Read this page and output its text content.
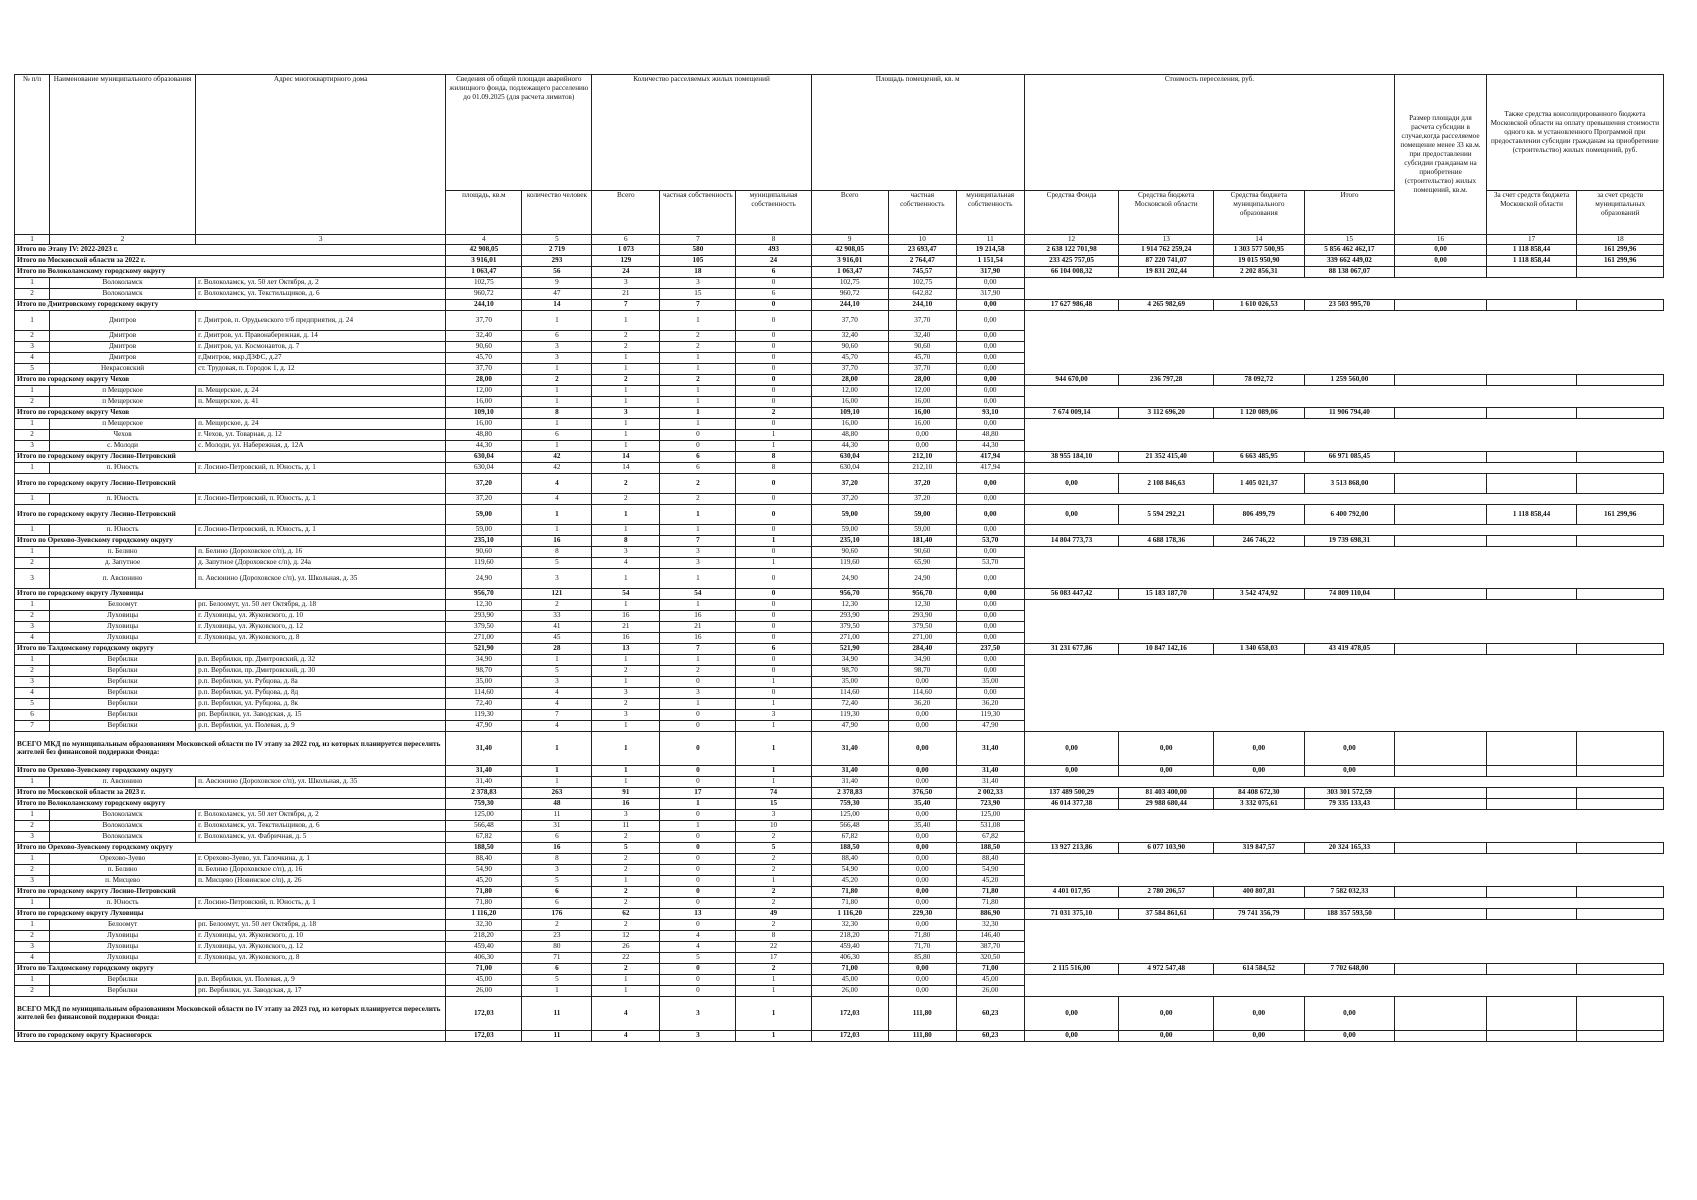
№ п/п	Наименование муниципального образования	Адрес многоквартирного дома	Сведения об общей площади аварийного жилищного фонда, подлежащего расселению до 01.09.2025 (для расчета лимитов)		Количество расселяемых жилых помещений			Площадь помещений, кв. м			Стоимость переселения, руб.				Размер площади для расчета субсидии в случае,когда расселяемое помещение менее 33 кв.м. при предоставлении субсидии гражданам на приобретение (строительство) жилых помещений, кв.м.	Также средства консолидированного бюджета Московской области на оплату превышения стоимости одного кв. м установленного Программой при предоставлении субсидии гражданам на приобретение (строительство) жилых помещений, руб.	
			площадь, кв.м	количество человек	Всего	частная собственность	муниципальная собственность	Всего	частная собственность	муниципальная собственность	Средства Фонда	Средства бюджета Московской области	Средства бюджета муниципального образования	Итого		За счет средств бюджета Московской области	за счет средств муниципальных образований
1	2	3	4	5	6	7	8	9	10	11	12	13	14	15	16	17	18
Итого по Этапу IV: 2022-2023 г.			42 908,05	2 719	1 073	580	493	42 908,05	23 693,47	19 214,58	2 638 122 701,98	1 914 762 259,24	1 303 577 500,95	5 856 462 462,17	0,00	1 118 858,44	161 299,96
Итого по Московской области за 2022 г.			3 916,01	293	129	105	24	3 916,01	2 764,47	1 151,54	233 425 757,05	87 220 741,07	19 015 950,90	339 662 449,02	0,00	1 118 858,44	161 299,96
Итого по Волоколамскому городскому округу			1 063,47	56	24	18	6	1 063,47	745,57	317,90	66 104 008,32	19 831 202,44	2 202 856,31	88 138 067,07			
1	Волоколамск	г. Волоколамск, ул. 50 лет Октября, д. 2	102,75	9	3	3	0	102,75	102,75	0,00							
2	Волоколамск	г. Волоколамск, ул. Текстильщиков, д. 6	960,72	47	21	15	6	960,72	642,82	317,90							
Итого по Дмитровскому городскому округу			244,10	14	7	7	0	244,10	244,10	0,00	17 627 986,48	4 265 982,69	1 610 026,53	23 503 995,70			
1	Дмитров	г. Дмитров, п. Орудьевского т/б предприятия, д. 24	37,70	1	1	1	0	37,70	37,70	0,00							
2	Дмитров	г. Дмитров, ул. Правонабережная, д. 14	32,40	6	2	2	0	32,40	32,40	0,00							
3	Дмитров	г. Дмитров, ул. Космонавтов, д. 7	90,60	3	2	2	0	90,60	90,60	0,00							
4	Дмитров	г.Дмитров, мкр.ДЗФС, д.27	45,70	3	1	1	0	45,70	45,70	0,00							
5	Некрасовский	ст. Трудовая, п. Городок 1, д. 12	37,70	1	1	1	0	37,70	37,70	0,00							
Итого по городскому округу Чехов			28,00	2	2	2	0	28,00	28,00	0,00	944 670,00	236 797,28	78 092,72	1 259 560,00			
1	п Мещерское	п. Мещерское, д. 24	12,00	1	1	1	0	12,00	12,00	0,00							
2	п Мещерское	п. Мещерское, д. 41	16,00	1	1	1	0	16,00	16,00	0,00							
Итого по городскому округу Чехов			109,10	8	3	1	2	109,10	16,00	93,10	7 674 009,14	3 112 696,20	1 120 089,06	11 906 794,40			
1	п Мещерское	п. Мещерское, д. 24	16,00	1	1	1	0	16,00	16,00	0,00							
2	Чехов	г. Чехов, ул. Товарная, д. 12	48,80	6	1	0	1	48,80	0,00	48,80							
3	с. Молоди	с. Молоди, ул. Набережная, д. 12А	44,30	1	1	0	1	44,30	0,00	44,30							
Итого по городскому округу Лосино-Петровский			630,04	42	14	6	8	630,04	212,10	417,94	38 955 184,10	21 352 415,40	6 663 485,95	66 971 085,45			
1	п. Юность	г. Лосино-Петровский, п. Юность, д. 1	630,04	42	14	6	8	630,04	212,10	417,94							
Итого по городскому округу Лосино-Петровский			37,20	4	2	2	0	37,20	37,20	0,00	0,00	2 108 846,63	1 405 021,37	3 513 868,00			
1	п. Юность	г. Лосино-Петровский, п. Юность, д. 1	37,20	4	2	2	0	37,20	37,20	0,00							
Итого по городскому округу Лосино-Петровский			59,00	1	1	1	0	59,00	59,00	0,00	0,00	5 594 292,21	806 499,79	6 400 792,00		1 118 858,44	161 299,96
1	п. Юность	г. Лосино-Петровский, п. Юность, д. 1	59,00	1	1	1	0	59,00	59,00	0,00							
Итого по Орехово-Зуевскому городскому округу			235,10	16	8	7	1	235,10	181,40	53,70	14 804 773,73	4 688 178,36	246 746,22	19 739 698,31			
1	п. Белино	п. Белино (Дороховское с/п), д. 16	90,60	8	3	3	0	90,60	90,60	0,00							
2	д. Запутное	д. Запутное (Дороховское с/п), д. 24а	119,60	5	4	3	1	119,60	65,90	53,70							
3	п. Авсюнино	п. Авсюнино (Дороховское с/п), ул. Школьная, д. 35	24,90	3	1	1	0	24,90	24,90	0,00							
Итого по городскому округу Луховицы			956,70	121	54	54	0	956,70	956,70	0,00	56 083 447,42	15 183 187,70	3 542 474,92	74 809 110,04			
1	Белоомут	рп. Белоомут, ул. 50 лет Октября, д. 18	12,30	2	1	1	0	12,30	12,30	0,00							
2	Луховицы	г. Луховицы, ул. Жуковского, д. 10	293,90	33	16	16	0	293,90	293,90	0,00							
3	Луховицы	г. Луховицы, ул. Жуковского, д. 12	379,50	41	21	21	0	379,50	379,50	0,00							
4	Луховицы	г. Луховицы, ул. Жуковского, д. 8	271,00	45	16	16	0	271,00	271,00	0,00							
Итого по Талдомскому городскому округу			521,90	28	13	7	6	521,90	284,40	237,50	31 231 677,86	10 847 142,16	1 340 658,03	43 419 478,05			
1	Вербилки	р.п. Вербилки, пр. Дмитровский, д. 32	34,90	1	1	1	0	34,90	34,90	0,00							
2	Вербилки	р.п. Вербилки, пр. Дмитровский, д. 30	98,70	5	2	2	0	98,70	98,70	0,00							
3	Вербилки	р.п. Вербилки, ул. Рубцова, д. 8а	35,00	3	1	0	1	35,00	0,00	35,00							
4	Вербилки	р.п. Вербилки, ул. Рубцова, д. 8д	114,60	4	3	3	0	114,60	114,60	0,00							
5	Вербилки	р.п. Вербилки, ул. Рубцова, д. 8к	72,40	4	2	1	1	72,40	36,20	36,20							
6	Вербилки	рп. Вербилки, ул. Заводская, д. 15	119,30	7	3	0	3	119,30	0,00	119,30							
7	Вербилки	р.п. Вербилки, ул. Полевая, д. 9	47,90	4	1	0	1	47,90	0,00	47,90							
ВСЕГО МКД по муниципальным образованиям Московской области по IV этапу за 2022 год, из которых планируется переселить жителей без финансовой поддержки Фонда:			31,40	1	1	0	1	31,40	0,00	31,40	0,00	0,00	0,00	0,00			
Итого по Орехово-Зуевскому городскому округу			31,40	1	1	0	1	31,40	0,00	31,40	0,00	0,00	0,00	0,00			
1	п. Авсюнино	п. Авсюнино (Дороховское с/п), ул. Школьная, д. 35	31,40	1	1	0	1	31,40	0,00	31,40							
Итого по Московской области за 2023 г.			2 378,83	263	91	17	74	2 378,83	376,50	2 002,33	137 489 500,29	81 403 400,00	84 408 672,30	303 301 572,59			
Итого по Волоколамскому городскому округу			759,30	48	16	1	15	759,30	35,40	723,90	46 014 377,38	29 988 680,44	3 332 075,61	79 335 133,43			
1	Волоколамск	г. Волоколамск, ул. 50 лет Октября, д. 2	125,00	11	3	0	3	125,00	0,00	125,00							
2	Волоколамск	г. Волоколамск, ул. Текстильщиков, д. 6	566,48	31	11	1	10	566,48	35,40	531,08							
3	Волоколамск	г. Волоколамск, ул. Фабричная, д. 5	67,82	6	2	0	2	67,82	0,00	67,82							
Итого по Орехово-Зуевскому городскому округу			188,50	16	5	0	5	188,50	0,00	188,50	13 927 213,86	6 077 103,90	319 847,57	20 324 165,33			
1	Орехово-Зуево	г. Орехово-Зуево, ул. Галочкина, д. 1	88,40	8	2	0	2	88,40	0,00	88,40							
2	п. Белино	п. Белино (Дороховское с/п), д. 16	54,90	3	2	0	2	54,90	0,00	54,90							
3	п. Мисцево	п. Мисцево (Новинское с/п), д. 26	45,20	5	1	0	1	45,20	0,00	45,20							
Итого по городскому округу Лосино-Петровский			71,80	6	2	0	2	71,80	0,00	71,80	4 401 017,95	2 780 206,57	400 807,81	7 582 032,33			
1	п. Юность	г. Лосино-Петровский, п. Юность, д. 1	71,80	6	2	0	2	71,80	0,00	71,80							
Итого по городскому округу Луховицы			1 116,20	176	62	13	49	1 116,20	229,30	886,90	71 031 375,10	37 584 861,61	79 741 356,79	188 357 593,50			
1	Белоомут	рп. Белоомут, ул. 50 лет Октября, д. 18	32,30	2	2	0	2	32,30	0,00	32,30							
2	Луховицы	г. Луховицы, ул. Жуковского, д. 10	218,20	23	12	4	8	218,20	71,80	146,40							
3	Луховицы	г. Луховицы, ул. Жуковского, д. 12	459,40	80	26	4	22	459,40	71,70	387,70							
4	Луховицы	г. Луховицы, ул. Жуковского, д. 8	406,30	71	22	5	17	406,30	85,80	320,50							
Итого по Талдомскому городскому округу			71,00	6	2	0	2	71,00	0,00	71,00	2 115 516,00	4 972 547,48	614 584,52	7 702 648,00			
1	Вербилки	р.п. Вербилки, ул. Полевая, д. 9	45,00	5	1	0	1	45,00	0,00	45,00							
2	Вербилки	рп. Вербилки, ул. Заводская, д. 17	26,00	1	1	0	1	26,00	0,00	26,00							
ВСЕГО МКД по муниципальным образованиям Московской области по IV этапу за 2023 год, из которых планируется переселить жителей без финансовой поддержки Фонда:			172,03	11	4	3	1	172,03	111,80	60,23	0,00	0,00	0,00	0,00			
Итого по городскому округу Красногорск			172,03	11	4	3	1	172,03	111,80	60,23	0,00	0,00	0,00	0,00			
